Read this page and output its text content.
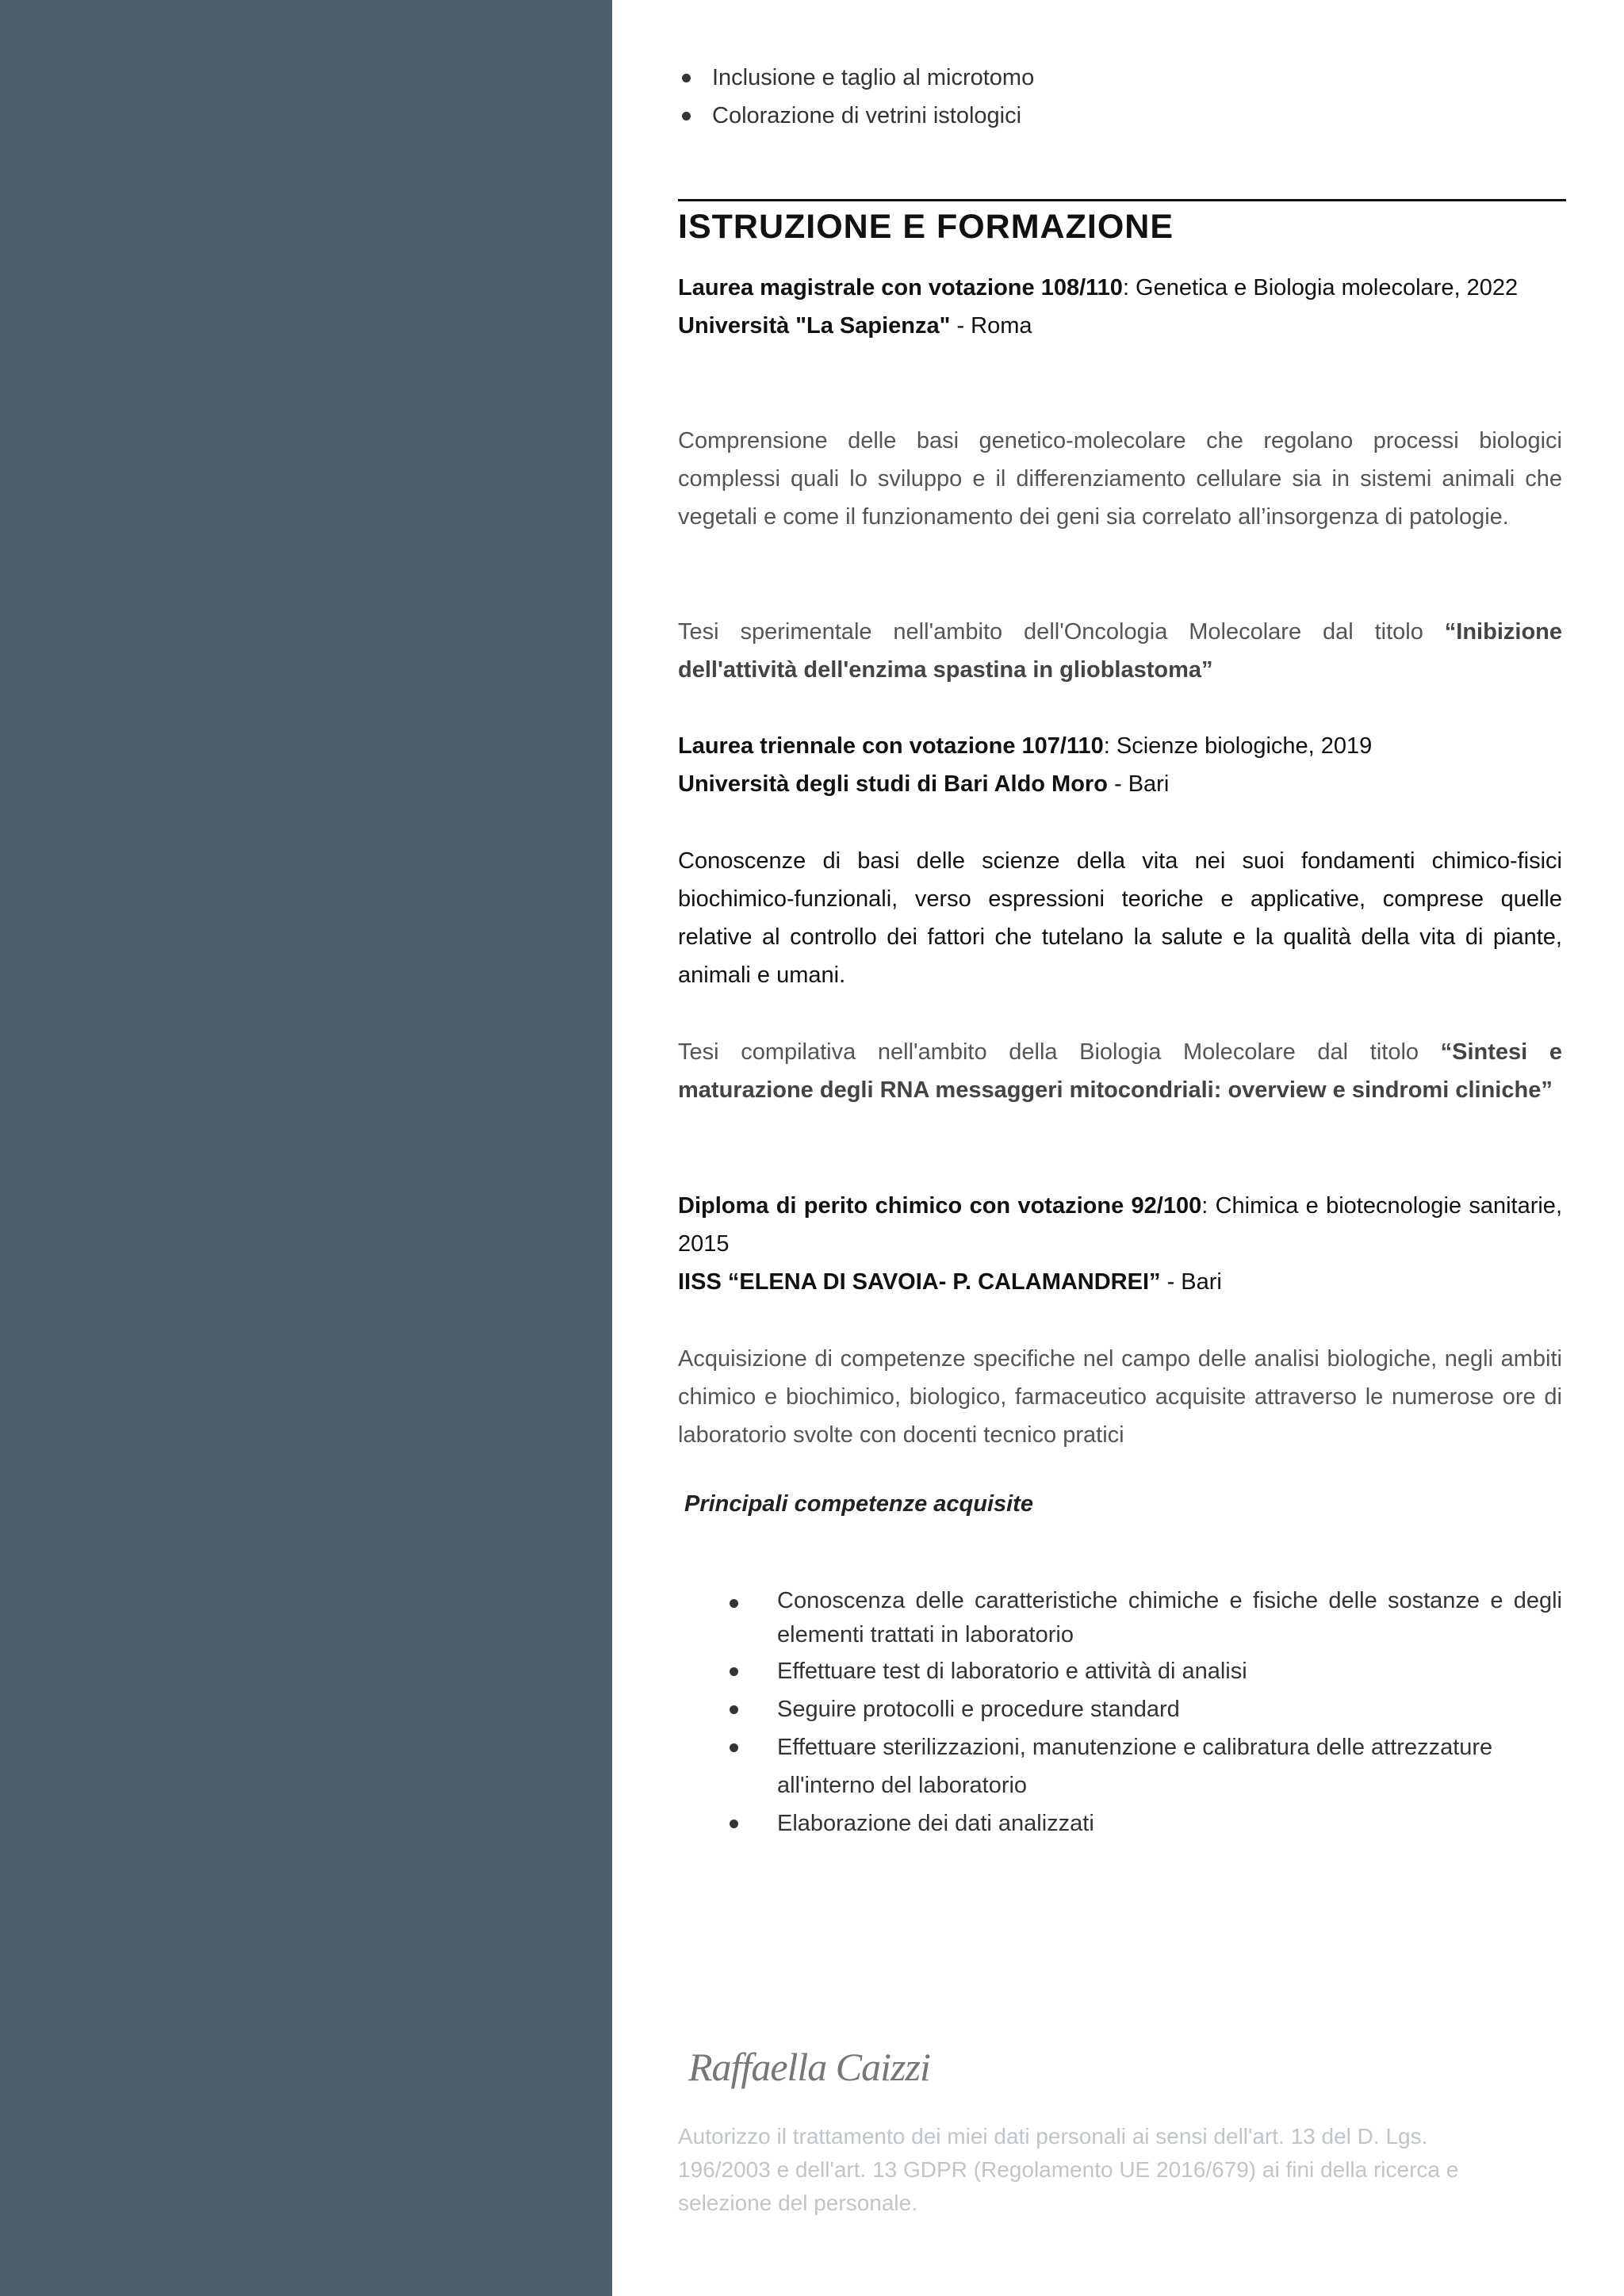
Inclusione e taglio al microtomo
Colorazione di vetrini istologici
ISTRUZIONE E FORMAZIONE

Laurea magistrale con votazione 108/110: Genetica e Biologia molecolare, 2022

Università "La Sapienza" - Roma

Comprensione delle basi genetico-molecolare che regolano processi biologici complessi quali lo sviluppo e il differenziamento cellulare sia in sistemi animali che vegetali e come il funzionamento dei geni sia correlato all’insorgenza di patologie.

Tesi sperimentale nell'ambito dell'Oncologia Molecolare dal titolo “Inibizione dell'attività dell'enzima spastina in glioblastoma”

Laurea triennale con votazione 107/110: Scienze biologiche, 2019

Università degli studi di Bari Aldo Moro - Bari

Conoscenze di basi delle scienze della vita nei suoi fondamenti chimico-fisici biochimico-funzionali, verso espressioni teoriche e applicative, comprese quelle relative al controllo dei fattori che tutelano la salute e la qualità della vita di piante, animali e umani.

Tesi compilativa nell'ambito della Biologia Molecolare dal titolo “Sintesi e maturazione degli RNA messaggeri mitocondriali: overview e sindromi cliniche”

Diploma di perito chimico con votazione 92/100: Chimica e biotecnologie sanitarie, 2015

IISS “ELENA DI SAVOIA- P. CALAMANDREI” - Bari

Acquisizione di competenze specifiche nel campo delle analisi biologiche, negli ambiti chimico e biochimico, biologico, farmaceutico acquisite attraverso le numerose ore di laboratorio svolte con docenti tecnico pratici

Principali competenze acquisite

Conoscenza delle caratteristiche chimiche e fisiche delle sostanze e degli elementi trattati in laboratorio
Effettuare test di laboratorio e attività di analisi
Seguire protocolli e procedure standard
Effettuare sterilizzazioni, manutenzione e calibratura delle attrezzature all'interno del laboratorio
Elaborazione dei dati analizzati
Raffaella Caizzi
Autorizzo il trattamento dei miei dati personali ai sensi dell'art. 13 del D. Lgs. 196/2003 e dell'art. 13 GDPR (Regolamento UE 2016/679) ai fini della ricerca e selezione del personale.
